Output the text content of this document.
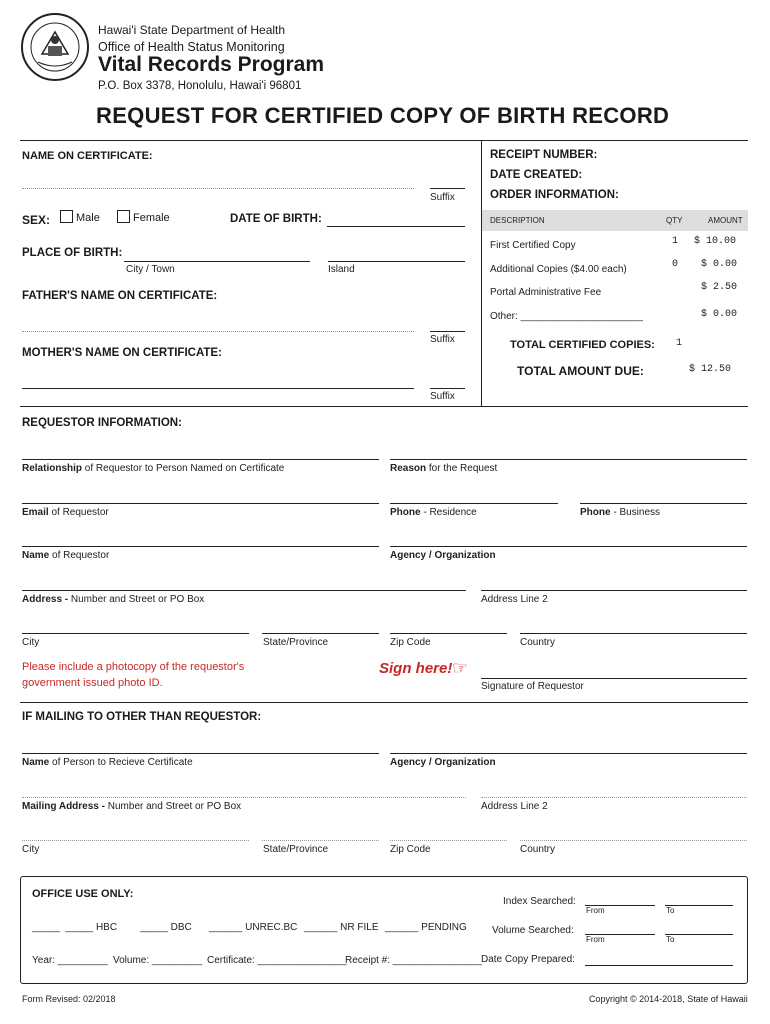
Hawai'i State Department of Health
Office of Health Status Monitoring
Vital Records Program
P.O. Box 3378, Honolulu, Hawai'i 96801
REQUEST FOR CERTIFIED COPY OF BIRTH RECORD
NAME ON CERTIFICATE:
Suffix
SEX:	Male	Female	DATE OF BIRTH:
PLACE OF BIRTH:
City / Town	Island
FATHER'S NAME ON CERTIFICATE:
Suffix
MOTHER'S NAME ON CERTIFICATE:
Suffix
RECEIPT NUMBER:
DATE CREATED:
ORDER INFORMATION:
DESCRIPTION	QTY	AMOUNT
First Certified Copy	1 $ 10.00
Additional Copies ($4.00 each)	0 $ 0.00
Portal Administrative Fee	$ 2.50
Other: ______________________	$ 0.00
TOTAL CERTIFIED COPIES: 1
TOTAL AMOUNT DUE:	$ 12.50
REQUESTOR INFORMATION:
Relationship of Requestor to Person Named on Certificate	Reason for the Request
Email of Requestor	Phone - Residence	Phone - Business
Name of Requestor	Agency / Organization
Address - Number and Street or PO Box	Address Line 2
City	State/Province	Zip Code	Country
Please include a photocopy of the requestor's
government issued photo ID.
Sign here! ☞
Signature of Requestor
IF MAILING TO OTHER THAN REQUESTOR:
Name of Person to Recieve Certificate	Agency / Organization
Mailing Address - Number and Street or PO Box	Address Line 2
City	State/Province	Zip Code	Country
OFFICE USE ONLY:
_____  _____ HBC _____ DBC ______ UNREC.BC ______ NR FILE ______ PENDING
Year: _________ Volume: _________ Certificate: ________________
Receipt #: ________________
Index Searched:
From	To
Volume Searched:
From	To
Date Copy Prepared:
Form Revised: 02/2018	Copyright © 2014-2018, State of Hawaii
